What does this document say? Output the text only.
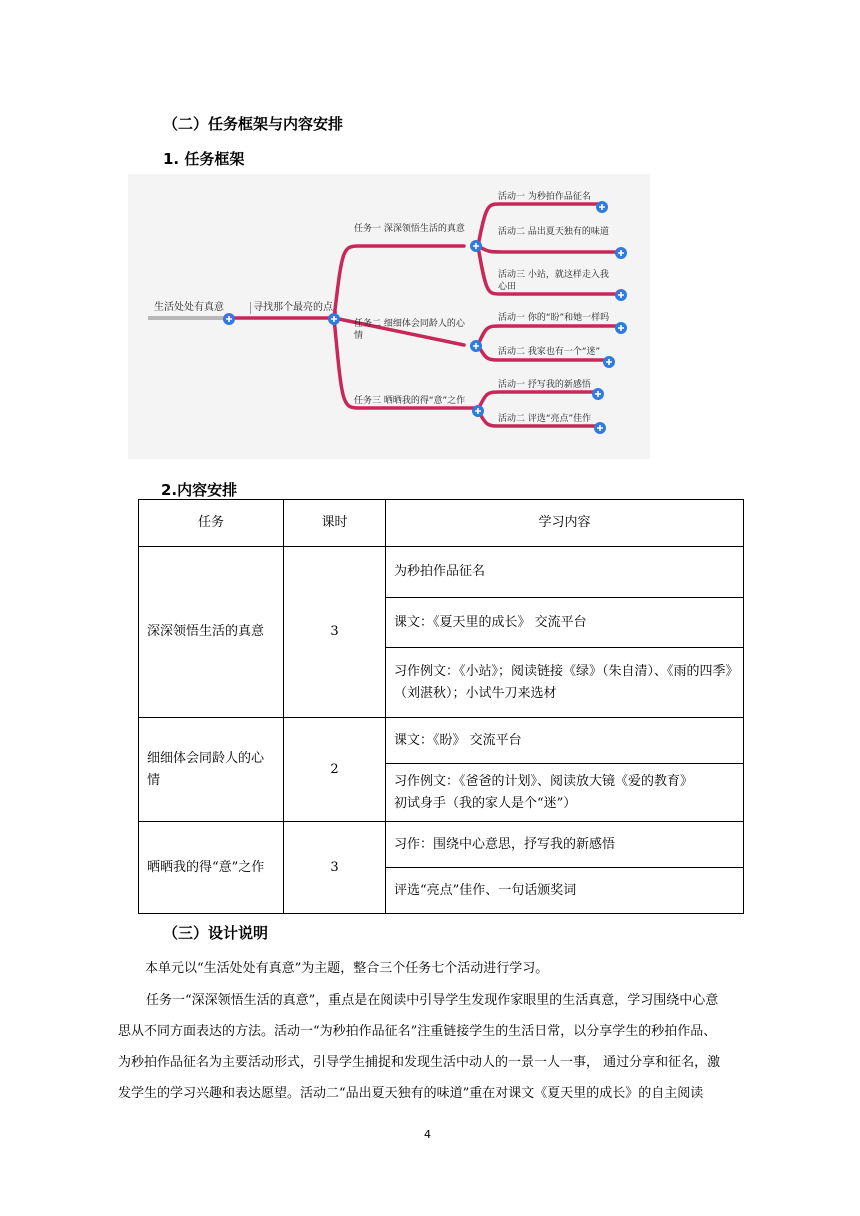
（二）任务框架与内容安排
1. 任务框架
生活处处有真意	寻找那个最亮的点
任务一 深深领悟生活的真意
任务二 细细体会同龄人的心情
任务三 晒晒我的得“意”之作
活动一 为秒拍作品征名
活动二 品出夏天独有的味道
活动三 小站，就这样走入我心田
活动一 你的“盼”和她一样吗
活动二 我家也有一个“迷”
活动一 抒写我的新感悟
活动二 评选“亮点”佳作
2.内容安排
任务	课时	学习内容
深深领悟生活的真意	3	为秒拍作品征名
		课文：《夏天里的成长》 交流平台
		习作例文：《小站》；阅读链接《绿》（朱自清）、《雨的四季》（刘湛秋）；小试牛刀来选材
细细体会同龄人的心情	2	课文：《盼》 交流平台

		习作例文：《爸爸的计划》、阅读放大镜《爱的教育》
初试身手（我的家人是个“迷”）

晒晒我的得“意”之作	3	习作：围绕中心意思，抒写我的新感悟
		评选“亮点”佳作、一句话颁奖词
（三）设计说明
本单元以“生活处处有真意”为主题，整合三个任务七个活动进行学习。
任务一“深深领悟生活的真意”，重点是在阅读中引导学生发现作家眼里的生活真意，学习围绕中心意
思从不同方面表达的方法。活动一“为秒拍作品征名”注重链接学生的生活日常，以分享学生的秒拍作品、
为秒拍作品征名为主要活动形式，引导学生捕捉和发现生活中动人的一景一人一事， 通过分享和征名，激
发学生的学习兴趣和表达愿望。活动二“品出夏天独有的味道”重在对课文《夏天里的成长》的自主阅读
4
